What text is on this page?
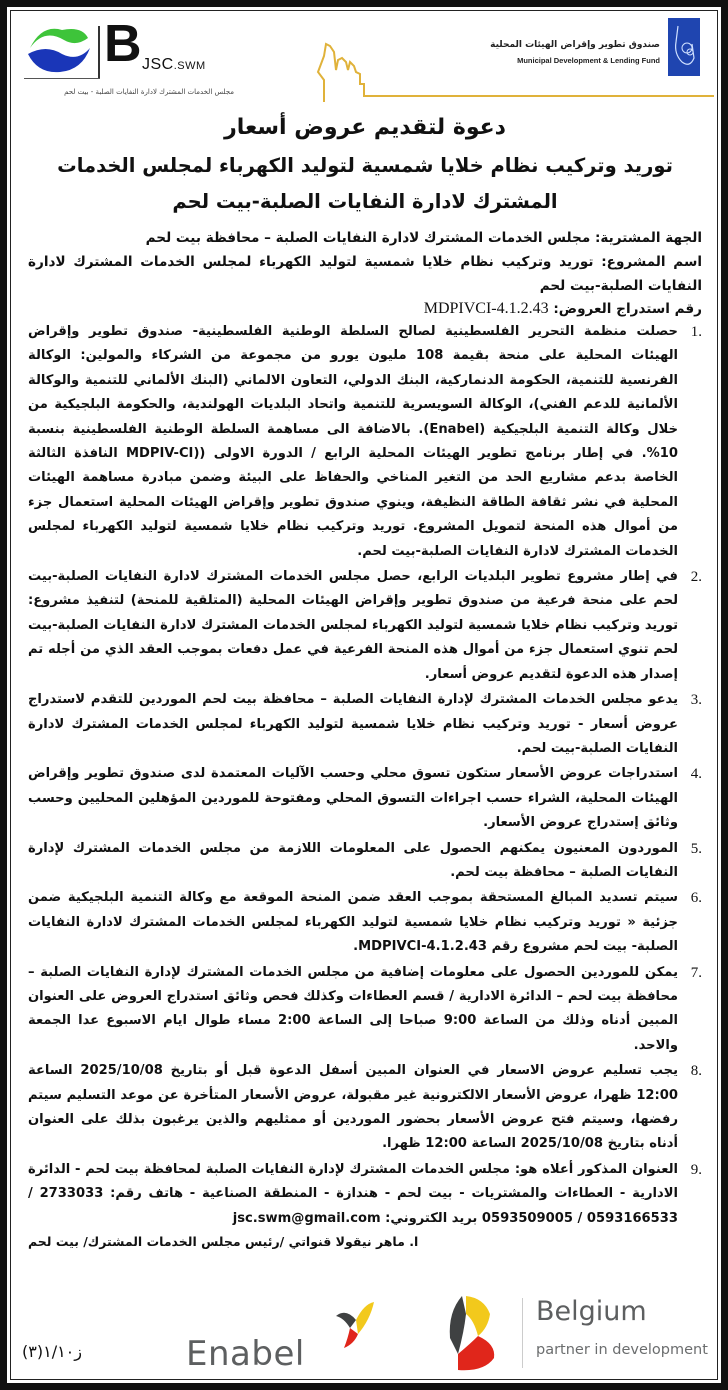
B JSC.SWM
مجلس الخدمات المشترك لادارة النفايات الصلبة - بيت لحم
صندوق تطوير وإقراض الهيئات المحلية
Municipal Development & Lending Fund
دعوة لتقديم عروض أسعار
توريد وتركيب نظام خلايا شمسية لتوليد الكهرباء لمجلس الخدمات
المشترك لادارة النفايات الصلبة-بيت لحم

الجهة المشترية: مجلس الخدمات المشترك لادارة النفايات الصلبة – محافظة بيت لحم

اسم المشروع: توريد وتركيب نظام خلايا شمسية لتوليد الكهرباء لمجلس الخدمات المشترك لادارة النفايات الصلبة-بيت لحم

رقم استدراج العروض: MDPIVCI-4.1.2.43

1.
حصلت منظمة التحرير الفلسطينية لصالح السلطة الوطنية الفلسطينية- صندوق تطوير وإقراض الهيئات المحلية على منحة بقيمة 108 مليون يورو من مجموعة من الشركاء والمولين: الوكالة الفرنسية للتنمية، الحكومة الدنماركية، البنك الدولي، التعاون الالماني (البنك الألماني للتنمية والوكالة الألمانية للدعم الفني)، الوكالة السويسرية للتنمية واتحاد البلديات الهولندية، والحكومة البلجيكية من خلال وكالة التنمية البلجيكية (Enabel). بالاضافة الى مساهمة السلطة الوطنية الفلسطينية بنسبة 10%. في إطار برنامج تطوير الهيئات المحلية الرابع / الدورة الاولى ((MDPIV-CI النافذة الثالثة الخاصة بدعم مشاريع الحد من التغير المناخي والحفاظ على البيئة وضمن مبادرة مساهمة الهيئات المحلية في نشر ثقافة الطاقة النظيفة، وينوي صندوق تطوير وإقراض الهيئات المحلية استعمال جزء من أموال هذه المنحة لتمويل المشروع. توريد وتركيب نظام خلايا شمسية لتوليد الكهرباء لمجلس الخدمات المشترك لادارة النفايات الصلبة-بيت لحم.
2.
في إطار مشروع تطوير البلديات الرابع، حصل مجلس الخدمات المشترك لادارة النفايات الصلبة-بيت لحم على منحة فرعية من صندوق تطوير وإقراض الهيئات المحلية (المتلقية للمنحة) لتنفيذ مشروع: توريد وتركيب نظام خلايا شمسية لتوليد الكهرباء لمجلس الخدمات المشترك لادارة النفايات الصلبة-بيت لحم تنوي استعمال جزء من أموال هذه المنحة الفرعية في عمل دفعات بموجب العقد الذي من أجله تم إصدار هذه الدعوة لتقديم عروض أسعار.
3.
يدعو مجلس الخدمات المشترك لإدارة النفايات الصلبة – محافظة بيت لحم الموردين للتقدم لاستدراج عروض أسعار - توريد وتركيب نظام خلايا شمسية لتوليد الكهرباء لمجلس الخدمات المشترك لادارة النفايات الصلبة-بيت لحم.
4.
استدراجات عروض الأسعار ستكون تسوق محلي وحسب الآليات المعتمدة لدى صندوق تطوير وإقراض الهيئات المحلية، الشراء حسب اجراءات التسوق المحلي ومفتوحة للموردين المؤهلين المحليين وحسب وثائق إستدراج عروض الأسعار.
5.
الموردون المعنيون يمكنهم الحصول على المعلومات اللازمة من مجلس الخدمات المشترك لإدارة النفايات الصلبة – محافظة بيت لحم.
6.
سيتم تسديد المبالغ المستحقة بموجب العقد ضمن المنحة الموقعة مع وكالة التنمية البلجيكية ضمن جزئية « توريد وتركيب نظام خلايا شمسية لتوليد الكهرباء لمجلس الخدمات المشترك لادارة النفايات الصلبة- بيت لحم مشروع رقم MDPIVCI-4.1.2.43.
7.
يمكن للموردين الحصول على معلومات إضافية من مجلس الخدمات المشترك لإدارة النفايات الصلبة – محافظة بيت لحم – الدائرة الادارية / قسم العطاءات وكذلك فحص وثائق استدراج العروض على العنوان المبين أدناه وذلك من الساعة 9:00 صباحا إلى الساعة 2:00 مساء طوال ايام الاسبوع عدا الجمعة والاحد.
8.
يجب تسليم عروض الاسعار في العنوان المبين أسفل الدعوة قبل أو بتاريخ 2025/10/08 الساعة 12:00 ظهرا، عروض الأسعار الالكترونية غير مقبولة، عروض الأسعار المتأخرة عن موعد التسليم سيتم رفضها، وسيتم فتح عروض الأسعار بحضور الموردين أو ممثليهم والذين يرغبون بذلك على العنوان أدناه بتاريخ 2025/10/08 الساعة 12:00 ظهرا.
9.
العنوان المذكور أعلاه هو: مجلس الخدمات المشترك لإدارة النفايات الصلبة لمحافظة بيت لحم - الدائرة الادارية - العطاءات والمشتريات - بيت لحم - هندازة - المنطقة الصناعية - هاتف رقم: 2733033 / 0593166533 / 0593509005 بريد الكتروني: jsc.swm@gmail.com

ا. ماهر نيقولا قنواتي /رئيس مجلس الخدمات المشترك/ بيت لحم

ز١/١٠(٣)	Enabel
Belgium
partner in development
